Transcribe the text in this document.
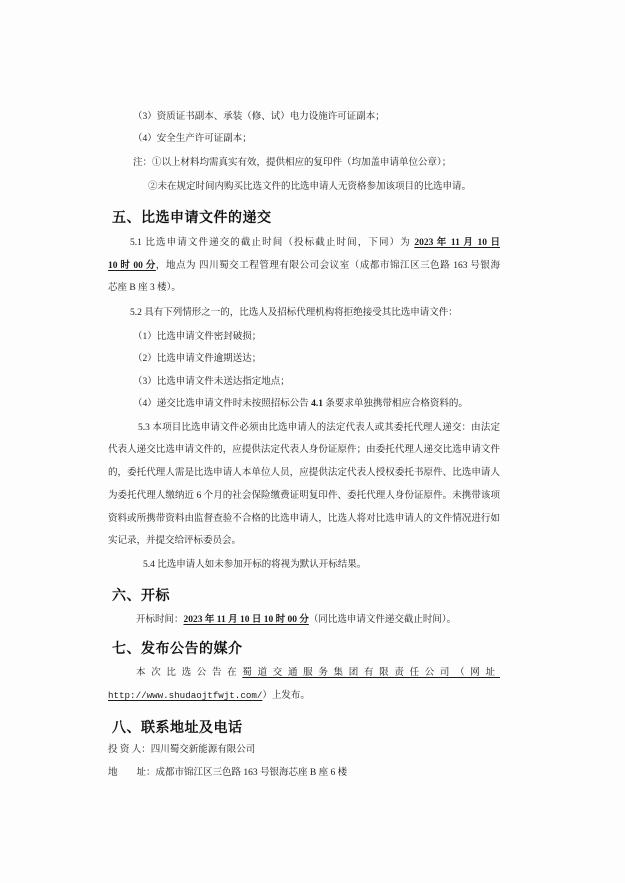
（3）资质证书副本、承装（修、试）电力设施许可证副本；
（4）安全生产许可证副本；
注：①以上材料均需真实有效，提供相应的复印件（均加盖申请单位公章）；
②未在规定时间内购买比选文件的比选申请人无资格参加该项目的比选申请。
五、比选申请文件的递交
5.1 比选申请文件递交的截止时间（投标截止时间，下同）为 2023 年 11 月 10 日
10 时 00 分，地点为 四川蜀交工程管理有限公司会议室（成都市锦江区三色路 163 号银海
芯座 B 座 3 楼）。
5.2 具有下列情形之一的，比选人及招标代理机构将拒绝接受其比选申请文件：
（1）比选申请文件密封破损；
（2）比选申请文件逾期送达；
（3）比选申请文件未送达指定地点；
（4）递交比选申请文件时未按照招标公告 4.1 条要求单独携带相应合格资料的。
5.3 本项目比选申请文件必须由比选申请人的法定代表人或其委托代理人递交：由法定
代表人递交比选申请文件的，应提供法定代表人身份证原件；由委托代理人递交比选申请文件
的，委托代理人需是比选申请人本单位人员，应提供法定代表人授权委托书原件、比选申请人
为委托代理人缴纳近 6 个月的社会保险缴费证明复印件、委托代理人身份证原件。未携带该项
资料或所携带资料由监督查验不合格的比选申请人，比选人将对比选申请人的文件情况进行如
实记录，并提交给评标委员会。
5.4 比选申请人如未参加开标的将视为默认开标结果。
六、开标
开标时间：2023 年 11 月 10 日 10 时 00 分（同比选申请文件递交截止时间）。
七、发布公告的媒介
本次比选公告在蜀道交通服务集团有限责任公司（网址
http://www.shudaojtfwjt.com/）上发布。
八、联系地址及电话
投 资 人：四川蜀交新能源有限公司
地　　址：成都市锦江区三色路 163 号银海芯座 B 座 6 楼
